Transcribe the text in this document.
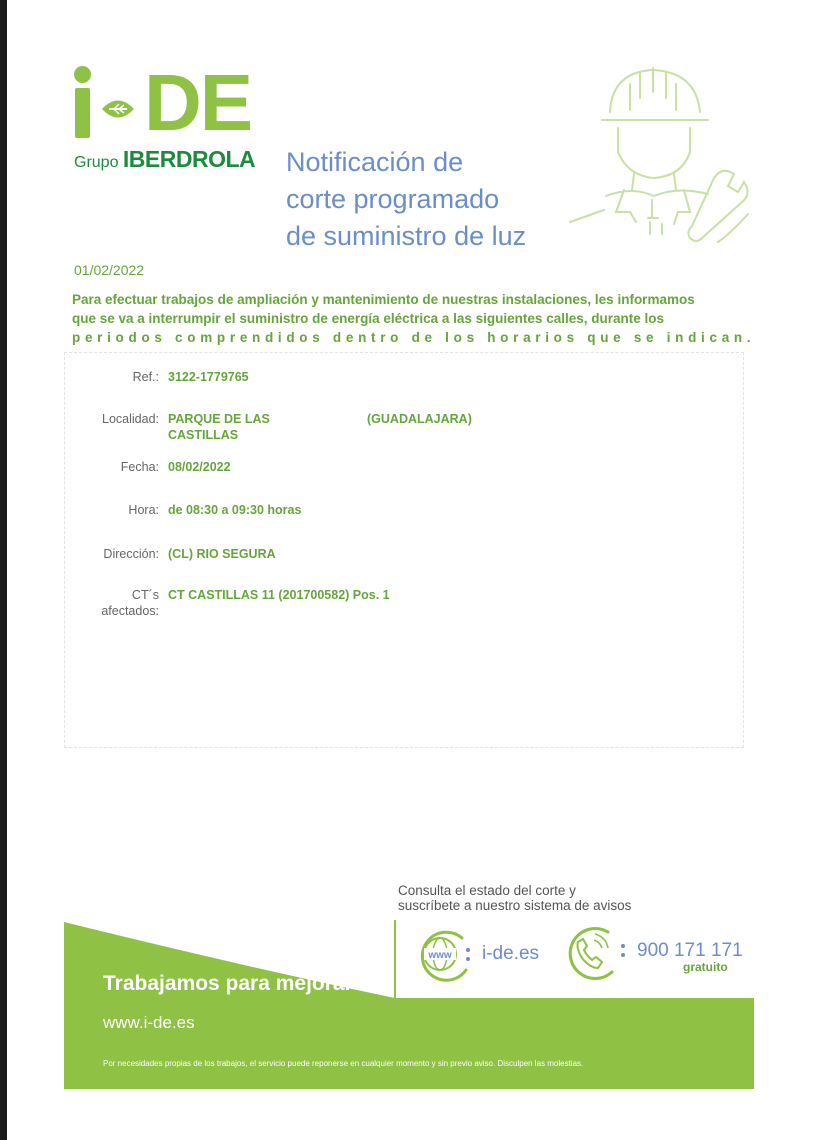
DE
Grupo IBERDROLA Notificación de
corte programado
de suministro de luz
01/02/2022

Para efectuar trabajos de ampliación y mantenimiento de nuestras instalaciones, les informamos

que se va a interrumpir el suministro de energía eléctrica a las siguientes calles, durante los

periodos comprendidos dentro de los horarios que se indican.

Ref.: 3122-1779765
Localidad: PARQUE DE LAS
CASTILLAS
(GUADALAJARA)
Fecha: 08/02/2022
Hora: de 08:30 a 09:30 horas
Dirección: (CL) RIO SEGURA
CT´s
afectados:
CT CASTILLAS 11 (201700582) Pos. 1
Consulta el estado del corte y
suscríbete a nuestro sistema de avisos
www i-de.es	900 171 171
gratuito
Trabajamos para mejorar
www.i-de.es
Por necesidades propias de los trabajos, el servicio puede reponerse en cualquier momento y sin previo aviso. Disculpen las molestias.
